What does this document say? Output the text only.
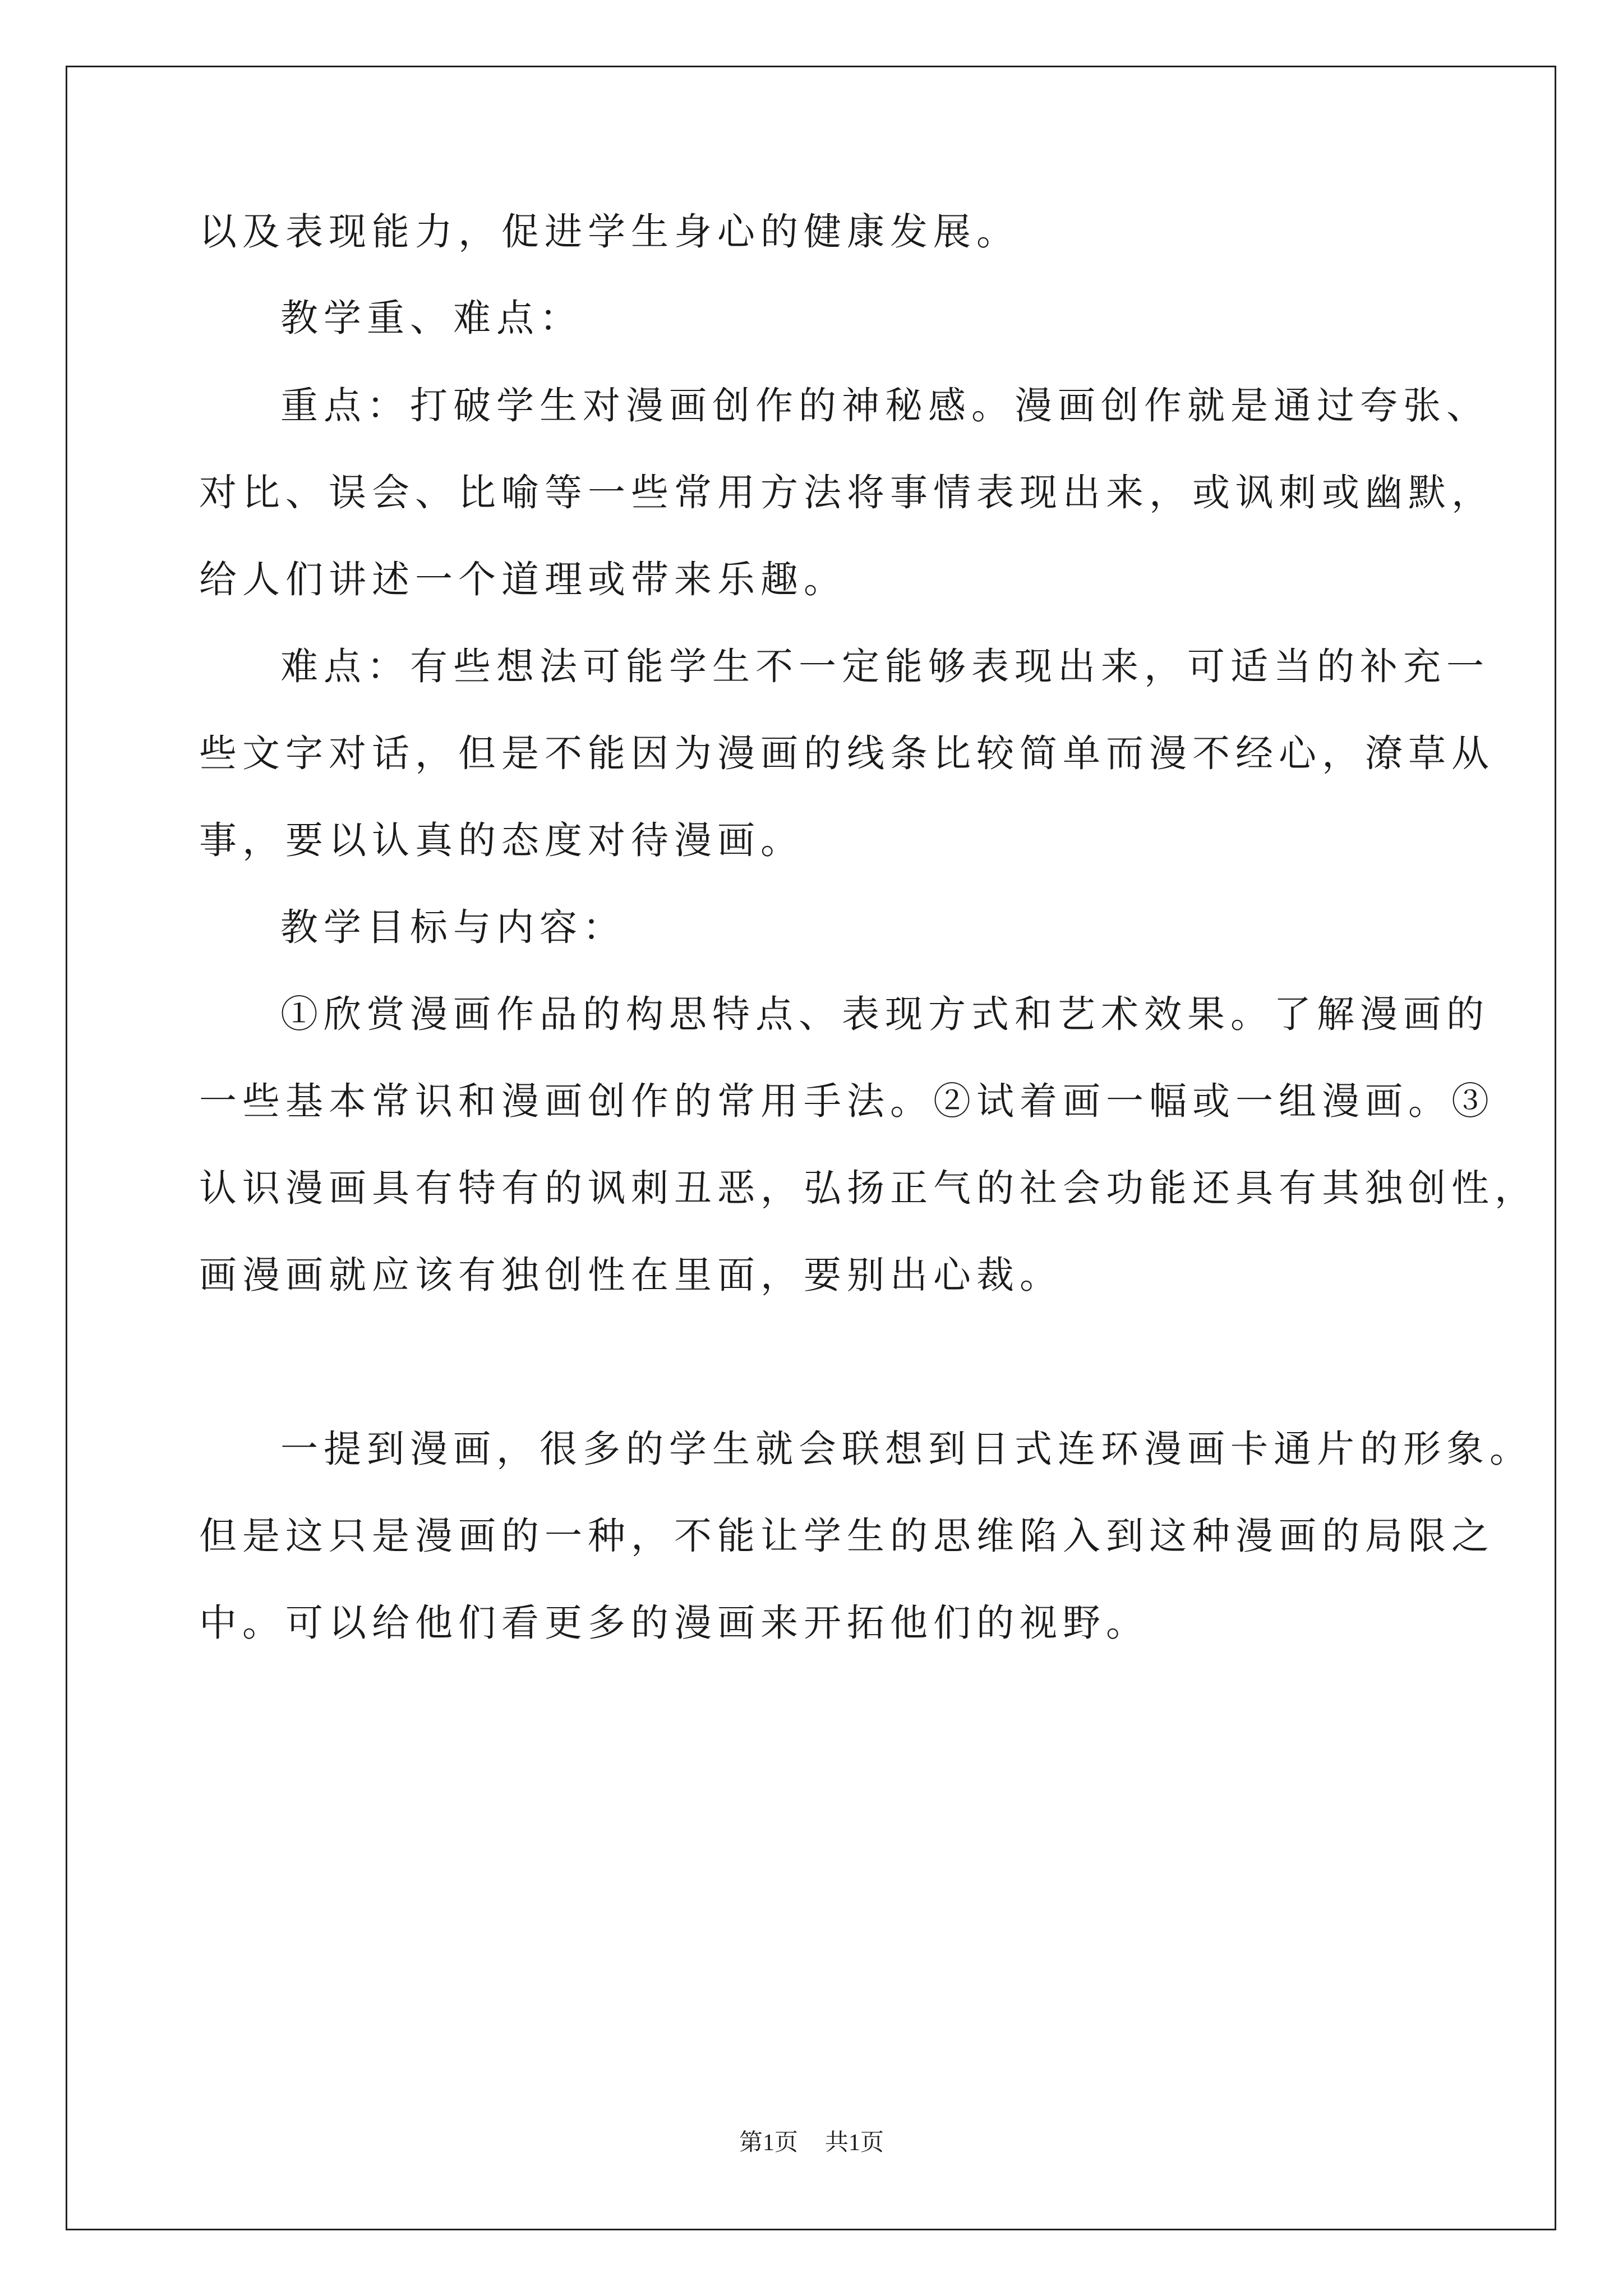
以及表现能力，促进学生身心的健康发展。
教学重、难点：
重点：打破学生对漫画创作的神秘感。漫画创作就是通过夸张、
对比、误会、比喻等一些常用方法将事情表现出来，或讽刺或幽默，
给人们讲述一个道理或带来乐趣。
难点：有些想法可能学生不一定能够表现出来，可适当的补充一
些文字对话，但是不能因为漫画的线条比较简单而漫不经心，潦草从
事，要以认真的态度对待漫画。
教学目标与内容：
①欣赏漫画作品的构思特点、表现方式和艺术效果。了解漫画的
一些基本常识和漫画创作的常用手法。②试着画一幅或一组漫画。③
认识漫画具有特有的讽刺丑恶，弘扬正气的社会功能还具有其独创性，
画漫画就应该有独创性在里面，要别出心裁。
一提到漫画，很多的学生就会联想到日式连环漫画卡通片的形象。
但是这只是漫画的一种，不能让学生的思维陷入到这种漫画的局限之
中。可以给他们看更多的漫画来开拓他们的视野。
第1页 共1页
